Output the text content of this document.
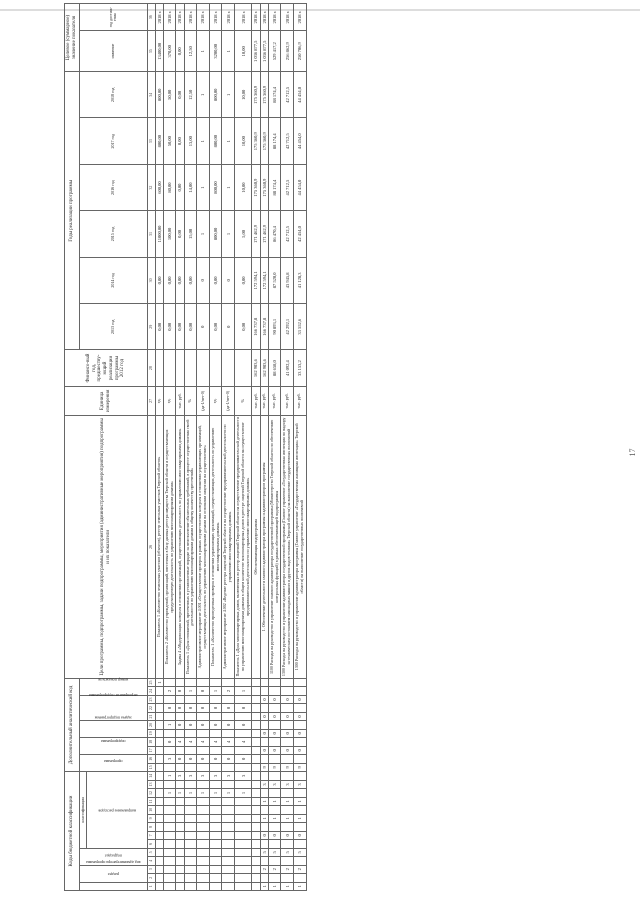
17
Коды бюджетной классификации														Дополнительный аналитический код											Цели программы, подпрограммы, задачи подпрограммы, мероприятия (административные мероприятия) подпрограммы и их показатели	Единица измерения	Финансо-вый год, предшеству-ющий реализации программы 2012 год	Годы реализации программы						Целевое (суммарное) значение показателя	
код администратора программы	раздел		подраздел		классификация									программа		подпрограмма		задача подпрограммы		мероприятие подпрограммы			номер показателя					2013 год	2014 год	2015 год	2016 год	2017 год	2018 год	значение	год достиж-ения
					направление расходов																														
1	2	3	4	5	6	7	8	9	10	11	12	13	14	15	16	17	18	19	20	21	22	23	24	25	26	27	28	29	30	31	32	33	34	35	36
																								1	Показатель 1 «Количество земельных участков (объектов), реестр земельных участков Тверской области»	ед.		0,00	0,00	11000,00	600,00	800,00	800,00	13400,00	2018 г.
											1		1		3		0		1		0		2		Показатель 2 «Количество учреждений, организаций, внесенных в базу данных реестра имущества Тверской области и осуществляющих предусмотренную деятельность по управлению многоквартирными домами»	ед.		0,00	0,00	100,00	80,00	50,00	50,00	370,00	2018 г.
											1		3		0		4		0		0		0		Задача 4 «Модернизация контроля в отношении организаций, осуществляющих деятельность по управлению многоквартирными домами»	тыс. руб.		0,00	0,00	0,00	0,00	0,00	0,00	0,00	2018 г.
											1		3		0		4		0		0		1		Показатель 1 «Доля отношений, пресеченных в установленные порядке за неисполнение обязательных требований, в процессе осуществления своей деятельности по управлению многоквартирными домами к общему количеству пресечений»	%		0,00	0,00	15,00	14,00	13,00	12,50	12,50	2018 г.
											1		3		0		4		0		0		0		Административное мероприятие 4.001 «Осуществление проверок в рамках осуществления контроля в отношении управляющих организаций, осуществляющих деятельность по управлению многоквартирными домами на основании лицензии на осуществление»	(да-1/нет-0)		0	0	1	1	1	1	1	2018 г.
											1		3		0		4		0		0		1		Показатель 1 «Количество проведенных проверок в отношении управляющих организаций, осуществляющих деятельность по управлению многоквартирными домами»	ед.		0,00	0,00	800,00	800,00	800,00	800,00	3200,00	2018 г.
											1		3		0		4		0		0		2		Административное мероприятие 4.002 «Ведение реестра лицензий Тверской области на осуществление предпринимательской деятельности по управлению многоквартирными домами»	(да-1/нет-0)		0	0	1	1	1	1	1	2018 г.
											1		3		0		4		0		0		1		Показатель 1 «Доля многоквартирных домов, включенных во реестр лицензий Тверской области на осуществление предпринимательской деятельности по управлению многоквартирными домами в общем количестве многоквартирных домов в реестре лицензий Тверской области на осуществление предпринимательской деятельности по управлению многоквартирными домами»	%		0,00	0,00	5,00	10,00	10,00	10,00	10,00	2018 г.
																									Обеспечивающая подпрограмма	тыс. руб.	162 903,6	166 737,8	172 594,1	171 462,9	175 360,9	175 360,9	175 360,9	1 036 877,5	2018 г.
1		2		5		0		1		1		3		9		0		0		0		0			1. Обеспечение деятельности главного администратора программы и администраторов программы	тыс. руб.	162 903,6	166 737,8	172 594,1	171 462,9	175 360,9	175 360,9	175 360,9	1 036 877,5	2018 г.
1		2		5		0		1		1		3		9		0		0		0		0			1100 Расходы на руководство и управление главного администратора государственной программы (Министерство Тверской области по обеспечению контрольных функций) в рамках обеспечивающей подпрограммы	тыс. руб.	88 658,0	90 893,1	87 520,0	86 470,4	88 174,4	88 174,4	88 174,4	529 417,2	2018 г.
1		2		5		0		1		1		3		9		0		0		0		0			1300 Расходы на руководство и управление администратора государственной программы (Главное управление «Государственная инспекция по надзору за техническим состоянием самоходных машин и других видов техники» Тверской области) на выполнение государственных полномочий	тыс. руб.	41 092,4	42 292,1	43 945,8	42 712,5	42 712,5	42 712,5	42 712,5	256 862,9	2018 г.
1		2		5		0		1		1		3		9		0		0		0		0			1300 Расходы на руководство и управление администратора программы (Главное управление «Государственная жилищная инспекция» Тверской области) на выполнение государственных полномочий	тыс. руб.	33 153,2	33 552,6	41 128,3	42 454,0	44 454,0	44 454,0	44 454,0	250 706,9	2018 г.
